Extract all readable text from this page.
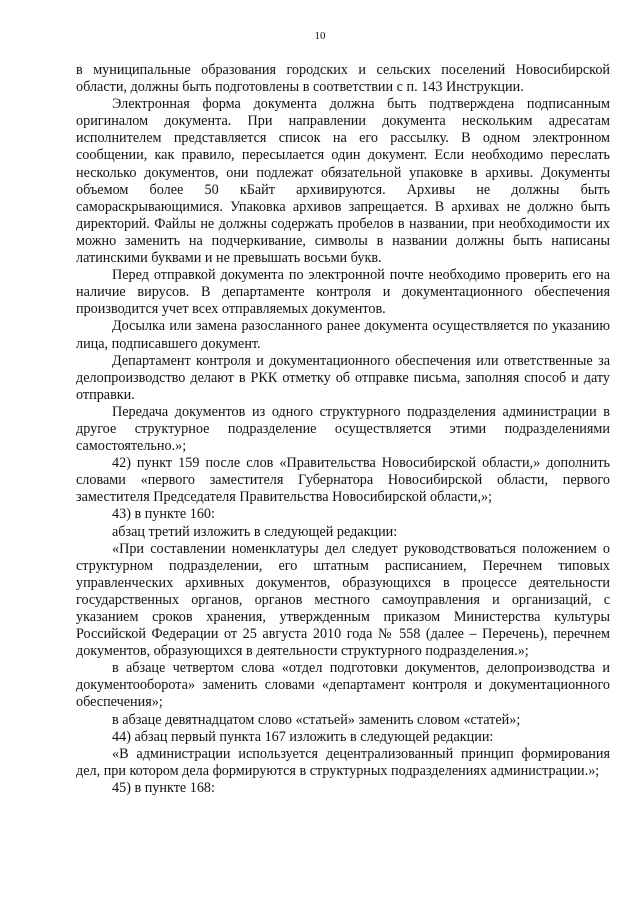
10

в муниципальные образования городских и сельских поселений Новосибирской области, должны быть подготовлены в соответствии с п. 143 Инструкции.

Электронная форма документа должна быть подтверждена подписанным оригиналом документа. При направлении документа нескольким адресатам исполнителем представляется список на его рассылку. В одном электронном сообщении, как правило, пересылается один документ. Если необходимо переслать несколько документов, они подлежат обязательной упаковке в архивы. Документы объемом более 50 кБайт архивируются. Архивы не должны быть самораскрывающимися. Упаковка архивов запрещается. В архивах не должно быть директорий. Файлы не должны содержать пробелов в названии, при необходимости их можно заменить на подчеркивание, символы в названии должны быть написаны латинскими буквами и не превышать восьми букв.

Перед отправкой документа по электронной почте необходимо проверить его на наличие вирусов. В департаменте контроля и документационного обеспечения производится учет всех отправляемых документов.

Досылка или замена разосланного ранее документа осуществляется по указанию лица, подписавшего документ.

Департамент контроля и документационного обеспечения или ответственные за делопроизводство делают в РКК отметку об отправке письма, заполняя способ и дату отправки.

Передача документов из одного структурного подразделения администрации в другое структурное подразделение осуществляется этими подразделениями самостоятельно.»;

42) пункт 159 после слов «Правительства Новосибирской области,» дополнить словами «первого заместителя Губернатора Новосибирской области, первого заместителя Председателя Правительства Новосибирской области,»;

43) в пункте 160:

абзац третий изложить в следующей редакции:

«При составлении номенклатуры дел следует руководствоваться положением о структурном подразделении, его штатным расписанием, Перечнем типовых управленческих архивных документов, образующихся в процессе деятельности государственных органов, органов местного самоуправления и организаций, с указанием сроков хранения, утвержденным приказом Министерства культуры Российской Федерации от 25 августа 2010 года № 558 (далее – Перечень), перечнем документов, образующихся в деятельности структурного подразделения.»;

в абзаце четвертом слова «отдел подготовки документов, делопроизводства и документооборота» заменить словами «департамент контроля и документационного обеспечения»;

в абзаце девятнадцатом слово «статьей» заменить словом «статей»;

44) абзац первый пункта 167 изложить в следующей редакции:

«В администрации используется децентрализованный принцип формирования дел, при котором дела формируются в структурных подразделениях администрации.»;

45) в пункте 168:
